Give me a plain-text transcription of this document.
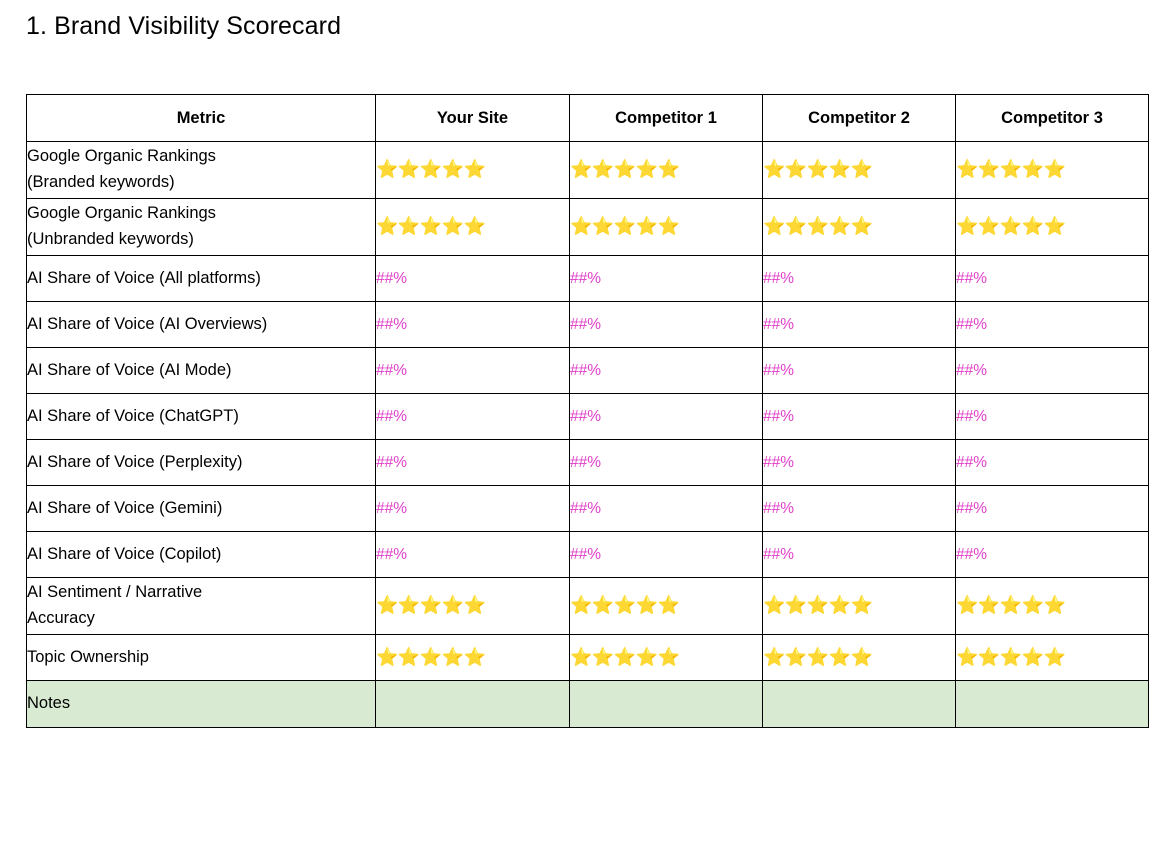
1. Brand Visibility Scorecard
Metric	Your Site	Competitor 1	Competitor 2	Competitor 3
Google Organic Rankings
(Branded keywords)	⭐⭐⭐⭐⭐	⭐⭐⭐⭐⭐	⭐⭐⭐⭐⭐	⭐⭐⭐⭐⭐
Google Organic Rankings
(Unbranded keywords)	⭐⭐⭐⭐⭐	⭐⭐⭐⭐⭐	⭐⭐⭐⭐⭐	⭐⭐⭐⭐⭐
AI Share of Voice (All platforms)	##%	##%	##%	##%
AI Share of Voice (AI Overviews)	##%	##%	##%	##%
AI Share of Voice (AI Mode)	##%	##%	##%	##%
AI Share of Voice (ChatGPT)	##%	##%	##%	##%
AI Share of Voice (Perplexity)	##%	##%	##%	##%
AI Share of Voice (Gemini)	##%	##%	##%	##%
AI Share of Voice (Copilot)	##%	##%	##%	##%
AI Sentiment / Narrative
Accuracy	⭐⭐⭐⭐⭐	⭐⭐⭐⭐⭐	⭐⭐⭐⭐⭐	⭐⭐⭐⭐⭐
Topic Ownership	⭐⭐⭐⭐⭐	⭐⭐⭐⭐⭐	⭐⭐⭐⭐⭐	⭐⭐⭐⭐⭐
Notes				
